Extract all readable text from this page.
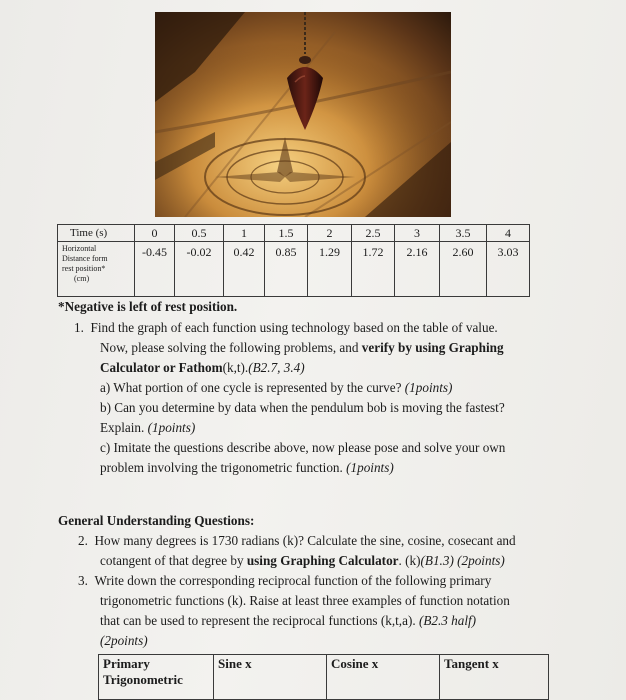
Time (s)	0	0.5	1	1.5	2	2.5	3	3.5	4

Horizontal
Distance form
rest position*
(cm)	-0.45	-0.02	0.42	0.85	1.29	1.72	2.16	2.60	3.03
*Negative is left of rest position.

1. Find the graph of each function using technology based on the table of value.

Now, please solving the following problems, and verify by using Graphing

Calculator or Fathom(k,t).(B2.7, 3.4)

a) What portion of one cycle is represented by the curve? (1points)

b) Can you determine by data when the pendulum bob is moving the fastest?

Explain. (1points)

c) Imitate the questions describe above, now please pose and solve your own

problem involving the trigonometric function. (1points)

General Understanding Questions:

2. How many degrees is 1730 radians (k)? Calculate the sine, cosine, cosecant and

cotangent of that degree by using Graphing Calculator. (k)(B1.3) (2points)

3. Write down the corresponding reciprocal function of the following primary

trigonometric functions (k). Raise at least three examples of function notation

that can be used to represent the reciprocal functions (k,t,a). (B2.3 half)

(2points)

Primary
Trigonometric
	Sine x	Cosine x	Tangent x
